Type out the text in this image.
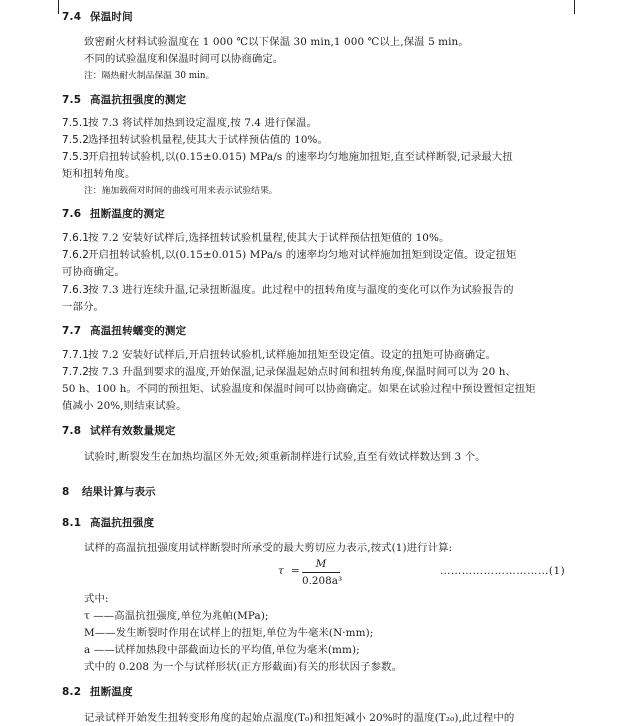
7.4 保温时间
致密耐火材料试验温度在 1 000 ℃以下保温 30 min,1 000 ℃以上,保温 5 min。
不同的试验温度和保温时间可以协商确定。
注：隔热耐火制品保温 30 min。
7.5 高温抗扭强度的测定
7.5.1按 7.3 将试样加热到设定温度,按 7.4 进行保温。
7.5.2选择扭转试验机量程,使其大于试样预估值的 10%。
7.5.3开启扭转试验机,以(0.15±0.015) MPa/s 的速率均匀地施加扭矩,直至试样断裂,记录最大扭
矩和扭转角度。
注：施加载荷对时间的曲线可用来表示试验结果。
7.6 扭断温度的测定
7.6.1按 7.2 安装好试样后,选择扭转试验机量程,使其大于试样预估扭矩值的 10%。
7.6.2开启扭转试验机,以(0.15±0.015) MPa/s 的速率均匀地对试样施加扭矩到设定值。设定扭矩
可协商确定。
7.6.3按 7.3 进行连续升温,记录扭断温度。此过程中的扭转角度与温度的变化可以作为试验报告的
一部分。
7.7 高温扭转蠕变的测定
7.7.1按 7.2 安装好试样后,开启扭转试验机,试样施加扭矩至设定值。设定的扭矩可协商确定。
7.7.2按 7.3 升温到要求的温度,开始保温,记录保温起始点时间和扭转角度,保温时间可以为 20 h、
50 h、100 h。不同的预扭矩、试验温度和保温时间可以协商确定。如果在试验过程中预设置恒定扭矩
值减小 20%,则结束试验。
7.8 试样有效数量规定
试验时,断裂发生在加热均温区外无效;须重新制样进行试验,直至有效试样数达到 3 个。
8 结果计算与表示
8.1 高温抗扭强度
试样的高温抗扭强度用试样断裂时所承受的最大剪切应力表示,按式(1)进行计算:
τ =
M
0.208a³
…………………………(1)
式中:
τ ——高温抗扭强度,单位为兆帕(MPa);
M——发生断裂时作用在试样上的扭矩,单位为牛毫米(N·mm);
a ——试样加热段中部截面边长的平均值,单位为毫米(mm);
式中的 0.208 为一个与试样形状(正方形截面)有关的形状因子参数。
8.2 扭断温度
记录试样开始发生扭转变形角度的起始点温度(T₀)和扭矩减小 20%时的温度(T₂₀),此过程中的
